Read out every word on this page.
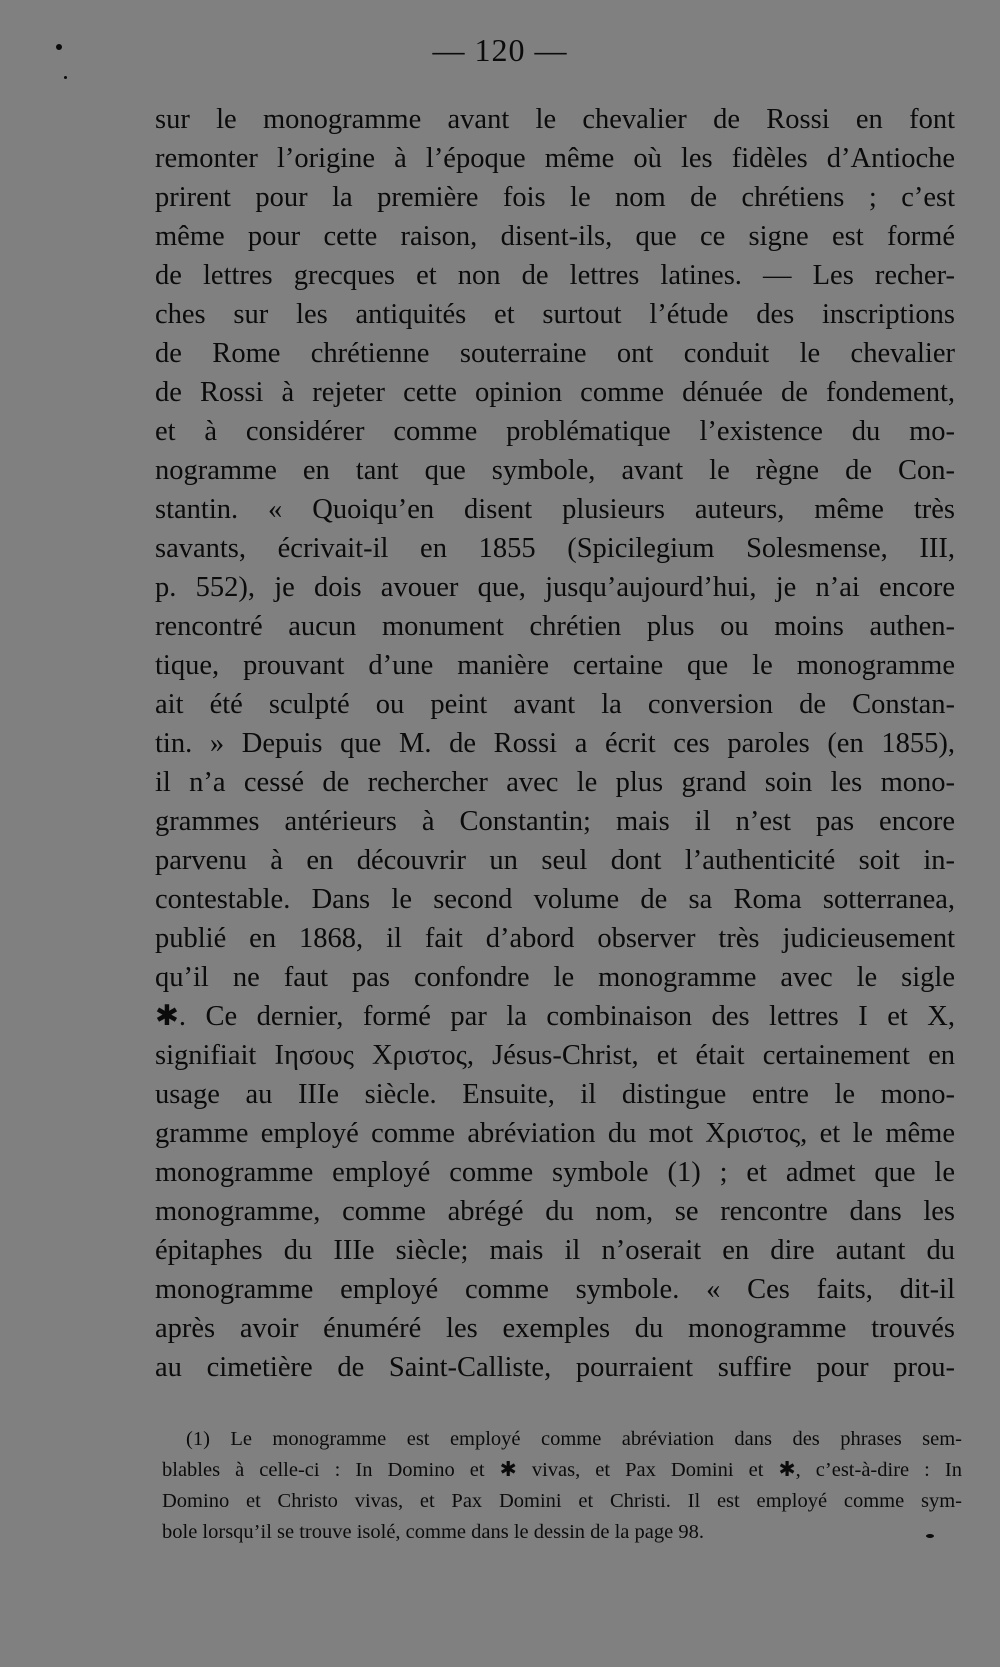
— 120 —
sur le monogramme avant le chevalier de Rossi en font
remonter l’origine à l’époque même où les fidèles d’Antioche
prirent pour la première fois le nom de chrétiens ; c’est
même pour cette raison, disent-ils, que ce signe est formé
de lettres grecques et non de lettres latines. — Les recher-
ches sur les antiquités et surtout l’étude des inscriptions
de Rome chrétienne souterraine ont conduit le chevalier
de Rossi à rejeter cette opinion comme dénuée de fondement,
et à considérer comme problématique l’existence du mo-
nogramme en tant que symbole, avant le règne de Con-
stantin. « Quoiqu’en disent plusieurs auteurs, même très
savants, écrivait-il en 1855 (Spicilegium Solesmense, III,
p. 552), je dois avouer que, jusqu’aujourd’hui, je n’ai encore
rencontré aucun monument chrétien plus ou moins authen-
tique, prouvant d’une manière certaine que le monogramme
ait été sculpté ou peint avant la conversion de Constan-
tin. » Depuis que M. de Rossi a écrit ces paroles (en 1855),
il n’a cessé de rechercher avec le plus grand soin les mono-
grammes antérieurs à Constantin; mais il n’est pas encore
parvenu à en découvrir un seul dont l’authenticité soit in-
contestable. Dans le second volume de sa Roma sotterranea,
publié en 1868, il fait d’abord observer très judicieusement
qu’il ne faut pas confondre le monogramme avec le sigle
✱. Ce dernier, formé par la combinaison des lettres I et X,
signifiait Ιησους Χριστος, Jésus-Christ, et était certainement en
usage au IIIe siècle. Ensuite, il distingue entre le mono-
gramme employé comme abréviation du mot Χριστος, et le même
monogramme employé comme symbole (1) ; et admet que le
monogramme, comme abrégé du nom, se rencontre dans les
épitaphes du IIIe siècle; mais il n’oserait en dire autant du
monogramme employé comme symbole. « Ces faits, dit-il
après avoir énuméré les exemples du monogramme trouvés
au cimetière de Saint-Calliste, pourraient suffire pour prou-
(1) Le monogramme est employé comme abréviation dans des phrases sem-
blables à celle-ci : In Domino et ✱ vivas, et Pax Domini et ✱, c’est-à-dire : In
Domino et Christo vivas, et Pax Domini et Christi. Il est employé comme sym-
bole lorsqu’il se trouve isolé, comme dans le dessin de la page 98.
